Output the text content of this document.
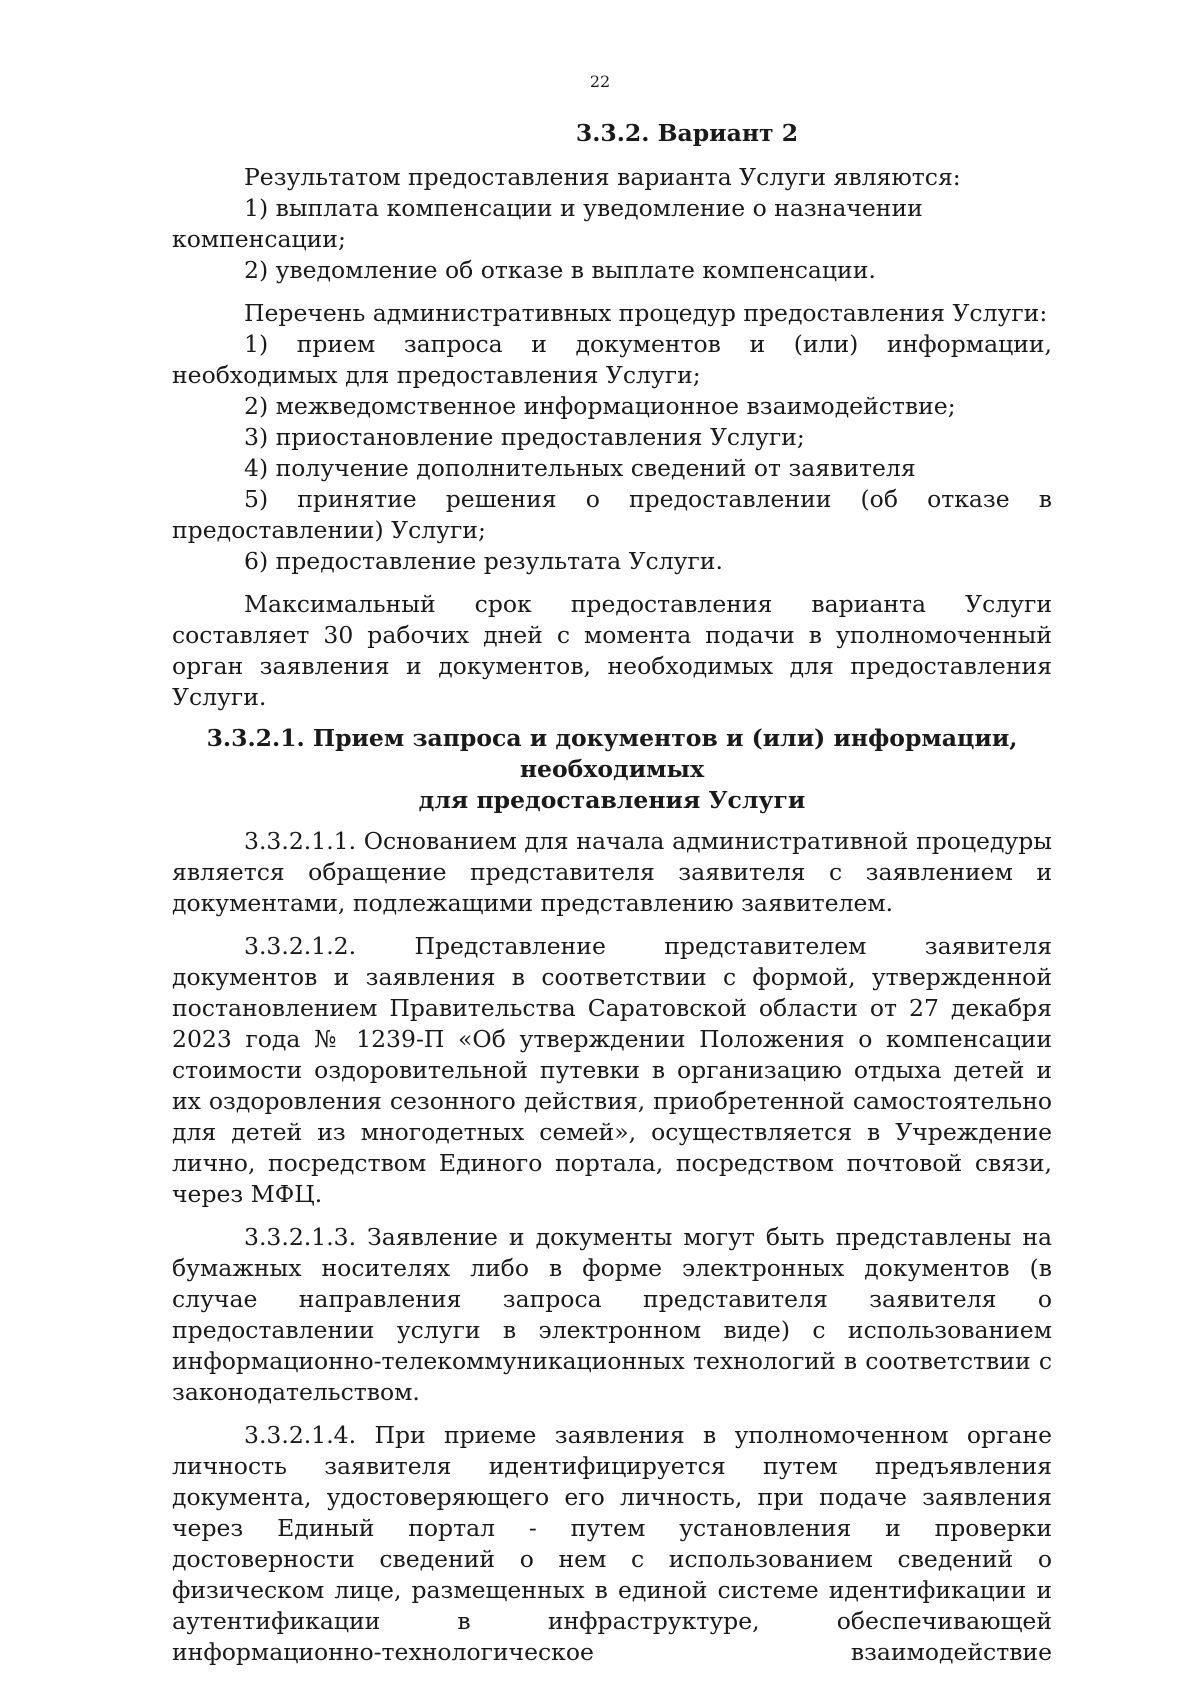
22

3.3.2. Вариант 2

Результатом предоставления варианта Услуги являются:

1) выплата компенсации и уведомление о назначении компенсации;

2) уведомление об отказе в выплате компенсации.

Перечень административных процедур предоставления Услуги:

1) прием запроса и документов и (или) информации, необходимых для предоставления Услуги;

2) межведомственное информационное взаимодействие;

3) приостановление предоставления Услуги;

4) получение дополнительных сведений от заявителя

5) принятие решения о предоставлении (об отказе в предоставлении) Услуги;

6) предоставление результата Услуги.

Максимальный срок предоставления варианта Услуги составляет 30 рабочих дней с момента подачи в уполномоченный орган заявления и документов, необходимых для предоставления Услуги.

3.3.2.1. Прием запроса и документов и (или) информации, необходимых
для предоставления Услуги

3.3.2.1.1. Основанием для начала административной процедуры является обращение представителя заявителя с заявлением и документами, подлежащими представлению заявителем.

3.3.2.1.2. Представление представителем заявителя документов и заявления в соответствии с формой, утвержденной постановлением Правительства Саратовской области от 27 декабря 2023 года № 1239-П «Об утверждении Положения о компенсации стоимости оздоровительной путевки в организацию отдыха детей и их оздоровления сезонного действия, приобретенной самостоятельно для детей из многодетных семей», осуществляется в Учреждение лично, посредством Единого портала, посредством почтовой связи, через МФЦ.

3.3.2.1.3. Заявление и документы могут быть представлены на бумажных носителях либо в форме электронных документов (в случае направления запроса представителя заявителя о предоставлении услуги в электронном виде) с использованием информационно-телекоммуникационных технологий в соответствии с законодательством.

3.3.2.1.4. При приеме заявления в уполномоченном органе личность заявителя идентифицируется путем предъявления документа, удостоверяющего его личность, при подаче заявления через Единый портал - путем установления и проверки достоверности сведений о нем с использованием сведений о физическом лице, размещенных в единой системе идентификации и аутентификации в инфраструктуре, обеспечивающей информационно-технологическое взаимодействие
